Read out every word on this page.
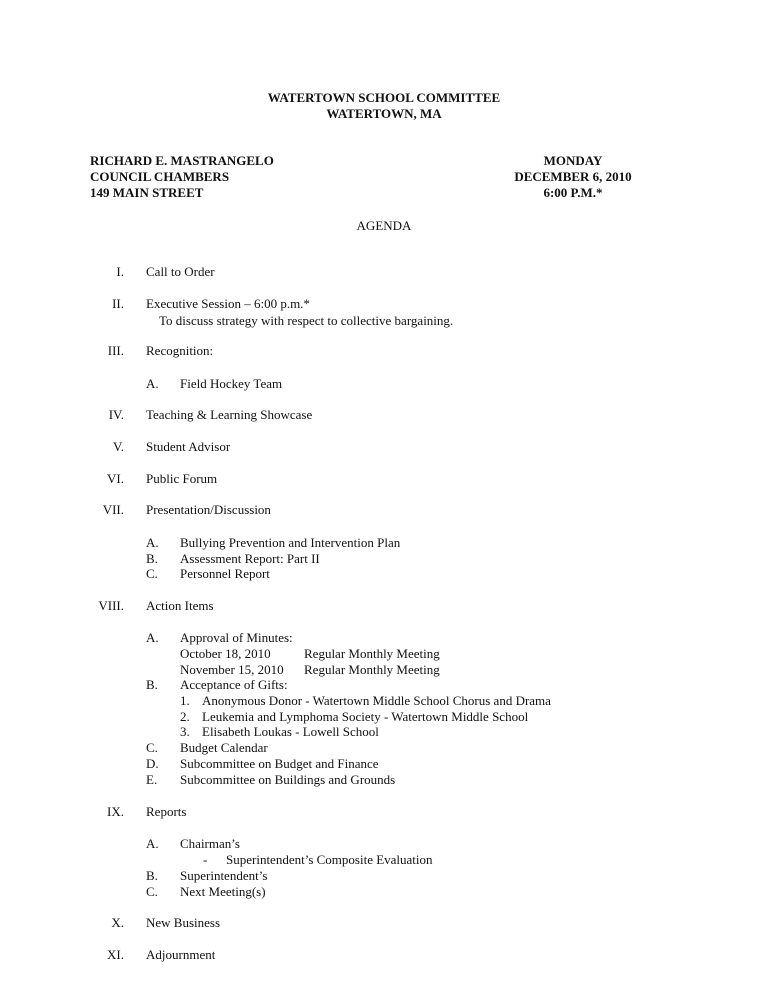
WATERTOWN SCHOOL COMMITTEE
WATERTOWN, MA
RICHARD E. MASTRANGELO
COUNCIL CHAMBERS
149 MAIN STREET
MONDAY
DECEMBER 6, 2010
6:00 P.M.*
AGENDA
I. Call to Order
II. Executive Session – 6:00 p.m.*
To discuss strategy with respect to collective bargaining.
III. Recognition:
A. Field Hockey Team
IV. Teaching & Learning Showcase
V. Student Advisor
VI. Public Forum
VII. Presentation/Discussion
A. Bullying Prevention and Intervention Plan
B. Assessment Report: Part II
C. Personnel Report
VIII. Action Items
A. Approval of Minutes:
October 18, 2010	Regular Monthly Meeting
November 15, 2010 Regular Monthly Meeting
B. Acceptance of Gifts:
1. Anonymous Donor - Watertown Middle School Chorus and Drama
2. Leukemia and Lymphoma Society - Watertown Middle School
3. Elisabeth Loukas - Lowell School
C. Budget Calendar
D. Subcommittee on Budget and Finance
E. Subcommittee on Buildings and Grounds
IX. Reports
A. Chairman’s
- Superintendent’s Composite Evaluation
B. Superintendent’s
C. Next Meeting(s)
X. New Business
XI. Adjournment
